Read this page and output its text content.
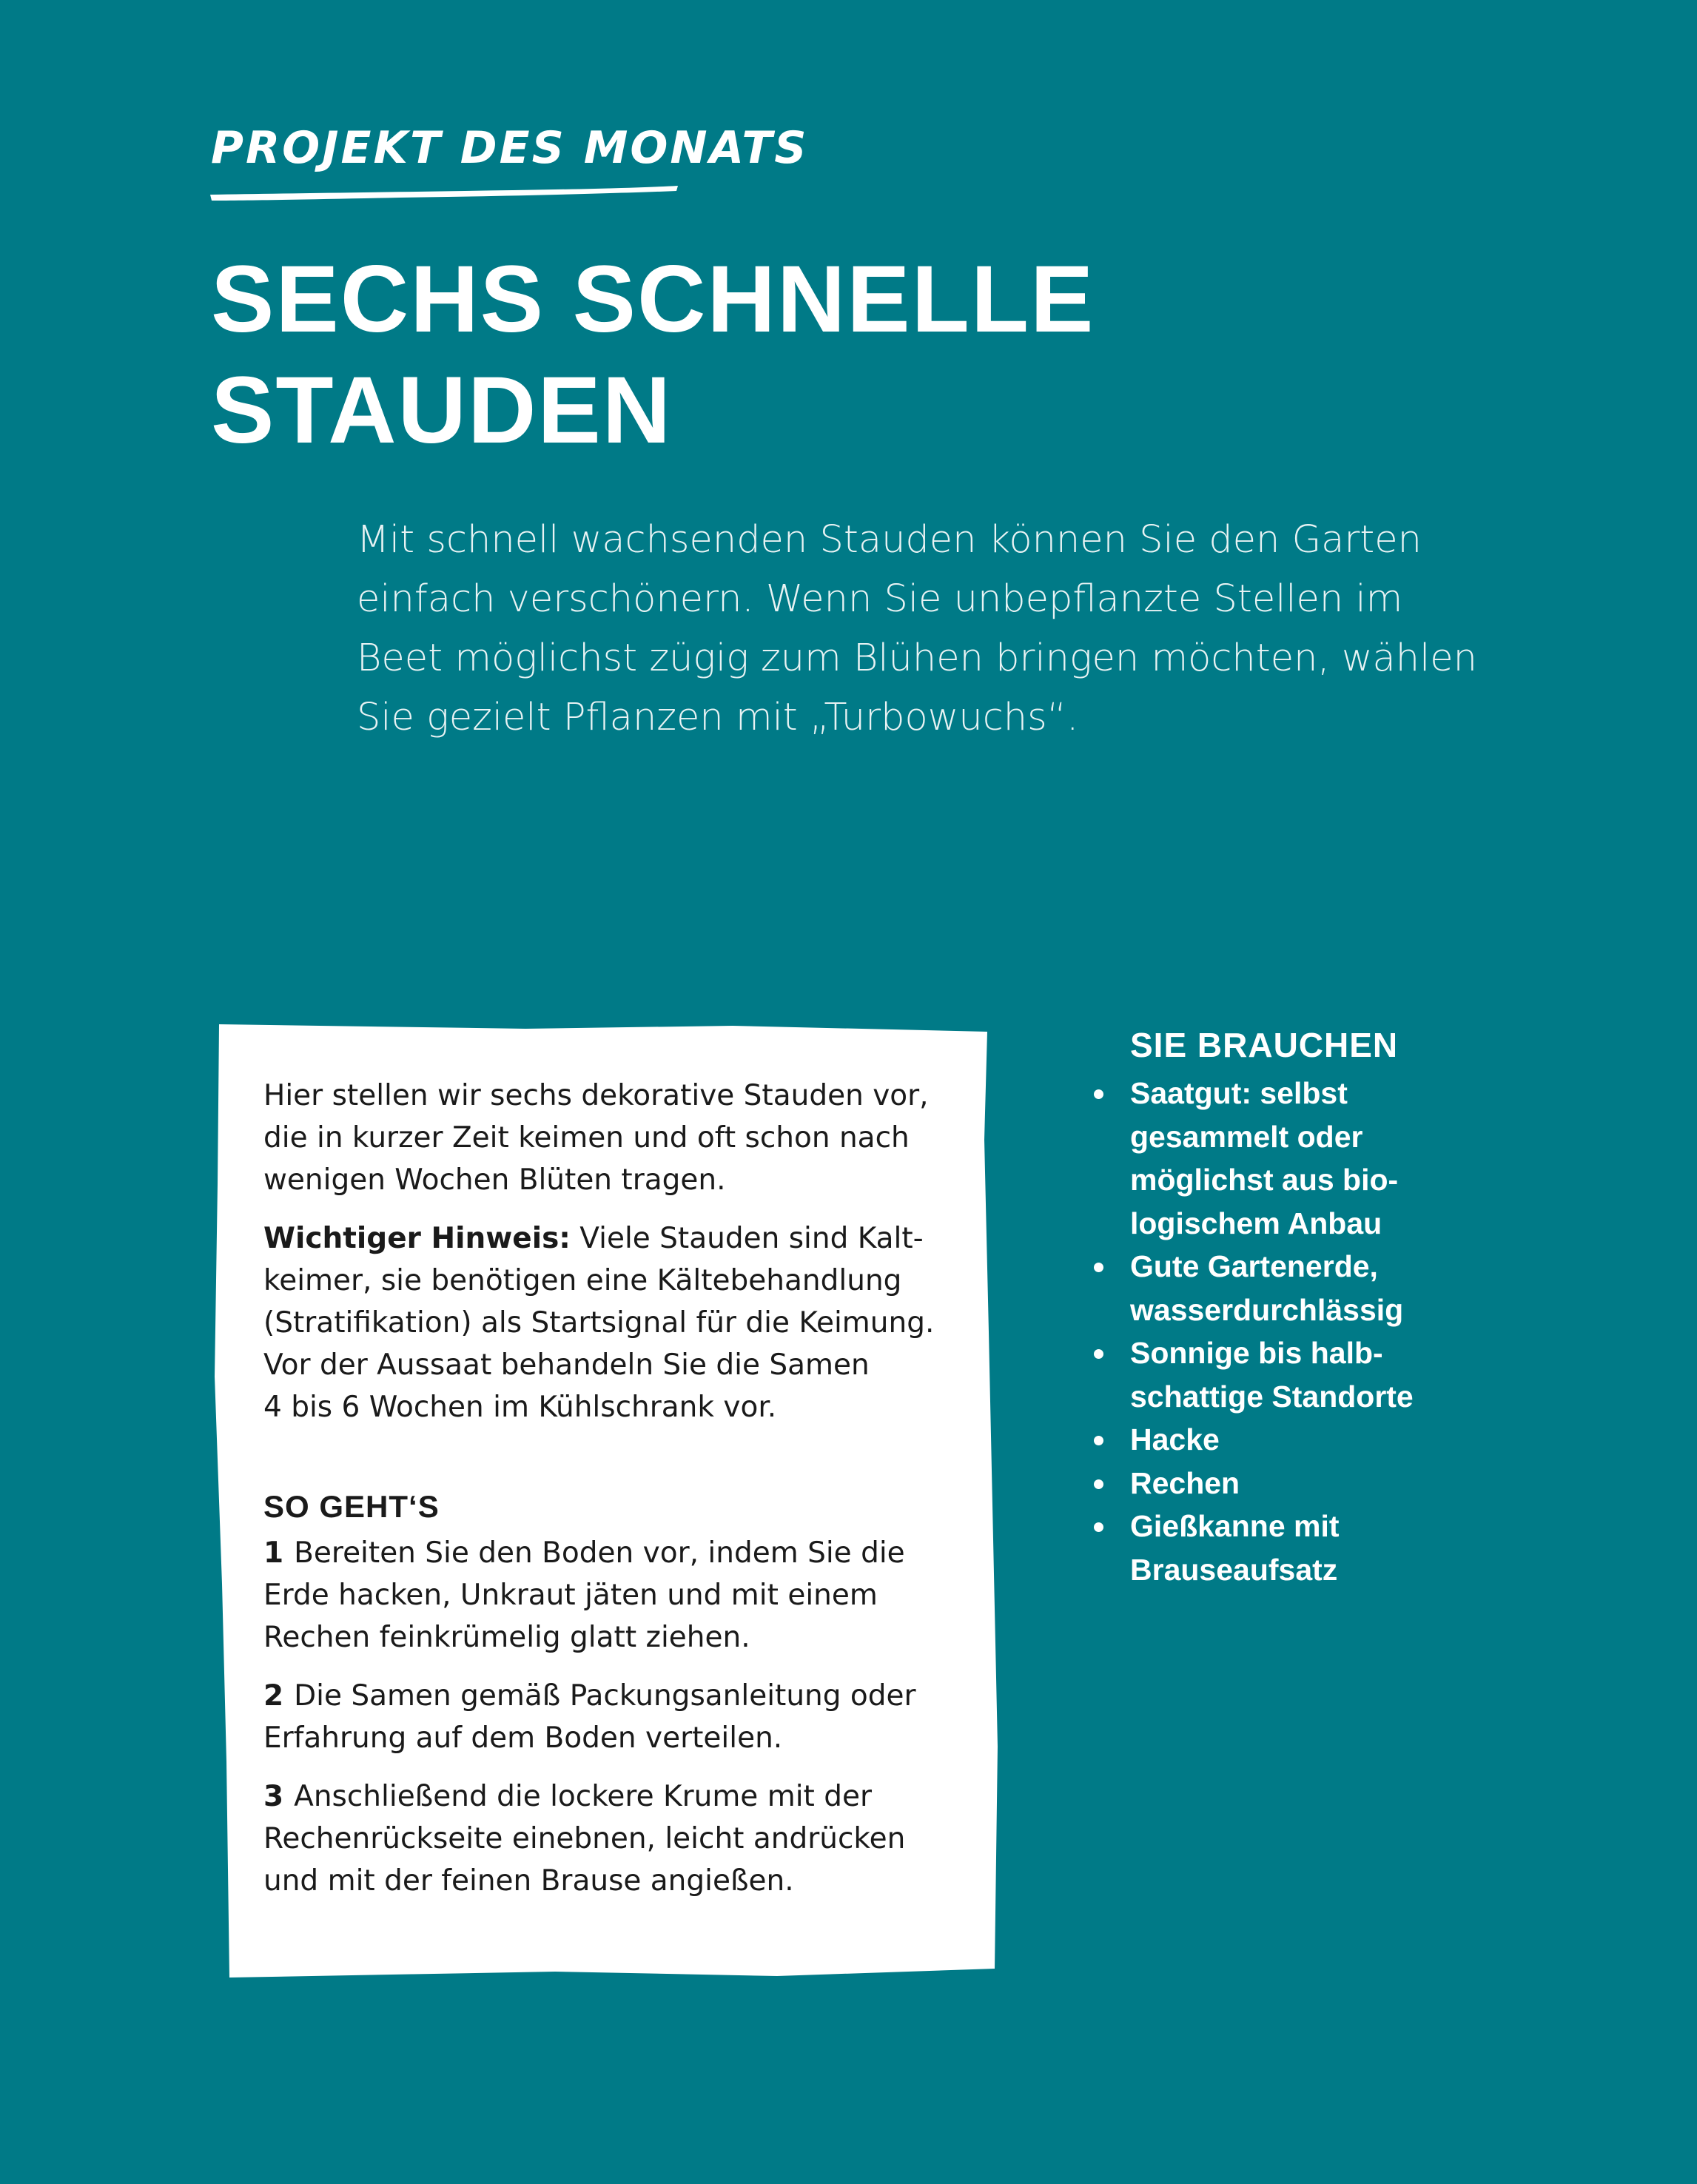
PROJEKT DES MONATS
SECHS SCHNELLE
STAUDEN

Mit schnell wachsenden Stauden können Sie den Garten
einfach verschönern. Wenn Sie unbepflanzte Stellen im
Beet möglichst zügig zum Blühen bringen möchten, wählen
Sie gezielt Pflanzen mit „Turbowuchs“.

Hier stellen wir sechs dekorative Stauden vor,
die in kurzer Zeit keimen und oft schon nach
wenigen Wochen Blüten tragen.

Wichtiger Hinweis: Viele Stauden sind Kalt-
keimer, sie benötigen eine Kältebehandlung
(Stratifikation) als Startsignal für die Keimung.
Vor der Aussaat behandeln Sie die Samen
4 bis 6 Wochen im Kühlschrank vor.

SO GEHT‘S

1 Bereiten Sie den Boden vor, indem Sie die
Erde hacken, Unkraut jäten und mit einem
Rechen feinkrümelig glatt ziehen.

2 Die Samen gemäß Packungsanleitung oder
Erfahrung auf dem Boden verteilen.

3 Anschließend die lockere Krume mit der
Rechenrückseite einebnen, leicht andrücken
und mit der feinen Brause angießen.

SIE BRAUCHEN
Saatgut: selbst
gesammelt oder
möglichst aus bio-
logischem Anbau
Gute Gartenerde,
wasserdurchlässig
Sonnige bis halb-
schattige Standorte
Hacke
Rechen
Gießkanne mit
Brauseaufsatz
